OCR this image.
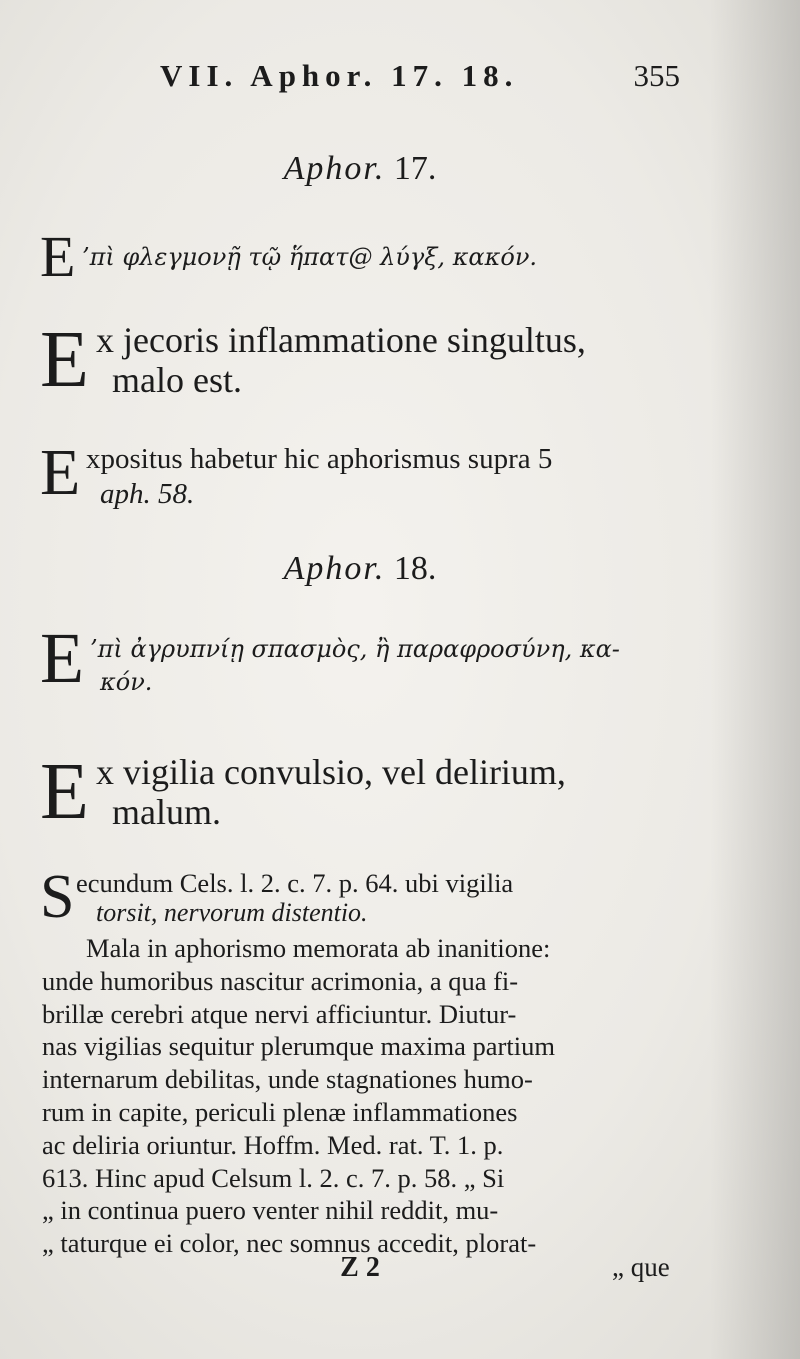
VII. Aphor. 17. 18.	355
Aphor. 17.
E ’πὶ φλεγμονῇ τῷ ἥπατ@ λύγξ, κακόν.
E x jecoris inflammatione singultus,
malo est.
E xpositus habetur hic aphorismus supra 5
aph. 58.
Aphor. 18.
E ’πὶ ἀγρυπνίῃ σπασμὸς, ἢ παραφροσύνη, κα-
κόν.
E x vigilia convulsio, vel delirium,
malum.
S ecundum Cels. l. 2. c. 7. p. 64. ubi vigilia
torsit, nervorum distentio.
Mala in aphorismo memorata ab inanitione:
unde humoribus nascitur acrimonia, a qua fi-
brillæ cerebri atque nervi afficiuntur. Diutur-
nas vigilias sequitur plerumque maxima partium
internarum debilitas, unde stagnationes humo-
rum in capite, periculi plenæ inflammationes
ac deliria oriuntur. Hoffm. Med. rat. T. 1. p.
613. Hinc apud Celsum l. 2. c. 7. p. 58. „ Si
„ in continua puero venter nihil reddit, mu-
„ taturque ei color, nec somnus accedit, plorat-
Z 2	„ que
